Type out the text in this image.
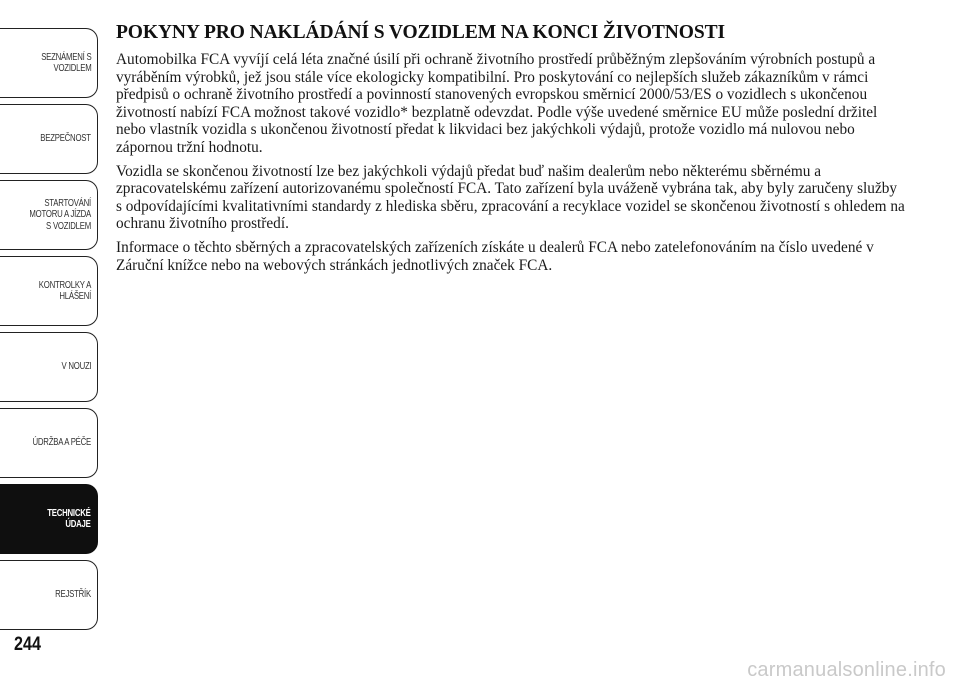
SEZNÁMENÍ S
VOZIDLEM
BEZPEČNOST
STARTOVÁNÍ
MOTORU A JÍZDA
S VOZIDLEM
KONTROLKY A
HLÁŠENÍ
V NOUZI
ÚDRŽBA A PÉČE
TECHNICKÉ
ÚDAJE
REJSTŘÍK
244
POKYNY PRO NAKLÁDÁNÍ S VOZIDLEM NA KONCI ŽIVOTNOSTI

Automobilka FCA vyvíjí celá léta značné úsilí při ochraně životního prostředí průběžným zlepšováním výrobních postupů a vyráběním výrobků, jež jsou stále více ekologicky kompatibilní. Pro poskytování co nejlepších služeb zákazníkům v rámci předpisů o ochraně životního prostředí a povinností stanovených evropskou směrnicí 2000/53/ES o vozidlech s ukončenou životností nabízí FCA možnost takové vozidlo* bezplatně odevzdat. Podle výše uvedené směrnice EU může poslední držitel nebo vlastník vozidla s ukončenou životností předat k likvidaci bez jakýchkoli výdajů, protože vozidlo má nulovou nebo zápornou tržní hodnotu.

Vozidla se skončenou životností lze bez jakýchkoli výdajů předat buď našim dealerům nebo některému sběrnému a zpracovatelskému zařízení autorizovanému společností FCA. Tato zařízení byla uváženě vybrána tak, aby byly zaručeny služby s odpovídajícími kvalitativními standardy z hlediska sběru, zpracování a recyklace vozidel se skončenou životností s ohledem na ochranu životního prostředí.

Informace o těchto sběrných a zpracovatelských zařízeních získáte u dealerů FCA nebo zatelefonováním na číslo uvedené v Záruční knížce nebo na webových stránkách jednotlivých značek FCA.

carmanualsonline.info
